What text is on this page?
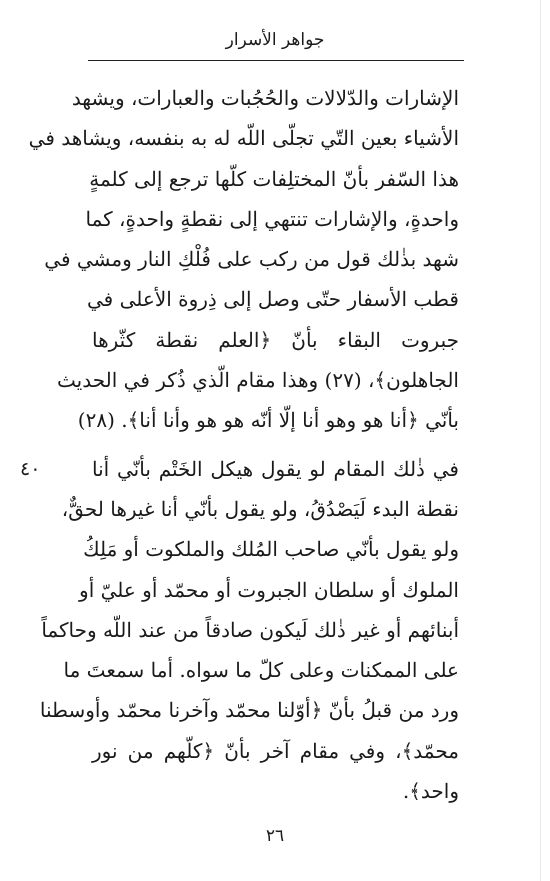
جواهر الأسرار
الإشارات والدّلالات والحُجُبات والعبارات، ويشهد
الأشياء بعين التّي تجلّى اللّه له به بنفسه، ويشاهد في
هذا السّفر بأنّ المختلِفات كلّها ترجع إلى كلمةٍ
واحدةٍ، والإشارات تنتهي إلى نقطةٍ واحدةٍ، كما
شهد بذٰلك قول من ركب على فُلْكِ النار ومشي في
قطب الأسفار حتّى وصل إلى ذِروة الأعلى في
جبروت البقاء بأنّ ﴿العلم نقطة كثّرها
الجاهلون﴾، (٢٧) وهذا مقام الّذي ذُكر في الحديث
بأنّي ﴿أنا هو وهو أنا إلّا أنّه هو هو وأنا أنا﴾. (٢٨)
في ذٰلك المقام لو يقول هيكل الخَتْم بأنّي أنا
نقطة البدء لَيَصْدُقُ، ولو يقول بأنّي أنا غيرها لحقٌّ،
ولو يقول بأنّي صاحب المُلك والملكوت أو مَلِكُ
الملوك أو سلطان الجبروت أو محمّد أو عليّ أو
أبنائهم أو غير ذٰلك لَيكون صادقاً من عند اللّه وحاكماً
على الممكنات وعلى كلّ ما سواه. أما سمعتَ ما
ورد من قبلُ بأنّ ﴿أوّلنا محمّد وآخرنا محمّد وأوسطنا
محمّد﴾، وفي مقام آخر بأنّ ﴿كلّهم من نور
واحد﴾.
٤٠
٢٦
